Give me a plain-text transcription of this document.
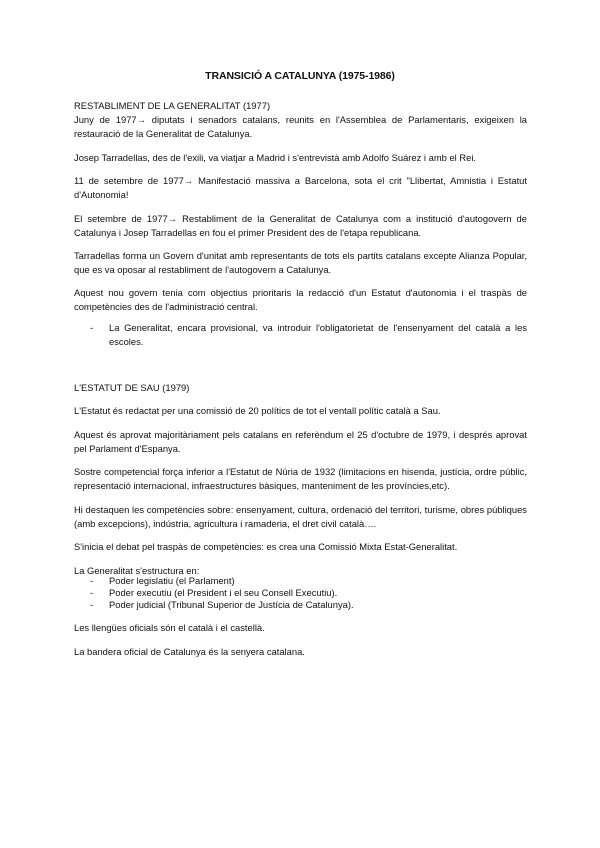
TRANSICIÓ A CATALUNYA (1975-1986)
RESTABLIMENT DE LA GENERALITAT (1977)
Juny de 1977→ diputats i senadors catalans, reunits en l'Assemblea de Parlamentaris, exigeixen la restauració de la Generalitat de Catalunya.
Josep Tarradellas, des de l'exili, va viatjar a Madrid i s'entrevistà amb Adolfo Suárez i amb el Rei.
11 de setembre de 1977→ Manifestació massiva a Barcelona, sota el crit "Llibertat, Amnistia i Estatut d'Autonomia!
El setembre de 1977→ Restabliment de la Generalitat de Catalunya com a institució d'autogovern de Catalunya i Josep Tarradellas en fou el primer President des de l'etapa republicana.
Tarradellas forma un Govern d'unitat amb representants de tots els partits catalans excepte Alianza Popular, que es va oposar al restabliment de l'autogovern a Catalunya.
Aquest nou govern tenia com objectius prioritaris la redacció d'un Estatut d'autonomia i el traspàs de competències des de l'administració central.
- La Generalitat, encara provisional, va introduir l'obligatorietat de l'ensenyament del català a les escoles.
L'ESTATUT DE SAU (1979)
L'Estatut és redactat per una comissió de 20 polítics de tot el ventall polític català a Sau.
Aquest és aprovat majoritàriament pels catalans en referèndum el 25 d'octubre de 1979, i després aprovat pel Parlament d'Espanya.
Sostre competencial força inferior a l'Estatut de Núria de 1932 (limitacions en hisenda, justícia, ordre públic, representació internacional, infraestructures bàsiques, manteniment de les províncies,etc).
Hi destaquen les competències sobre: ensenyament, cultura, ordenació del territori, turisme, obres públiques (amb excepcions), indústria, agricultura i ramaderia, el dret civil català….
S'inicia el debat pel traspàs de competències: es crea una Comissió Mixta Estat-Generalitat.
La Generalitat s'estructura en:
- Poder legislatiu (el Parlament)
- Poder executiu (el President i el seu Consell Executiu).
- Poder judicial (Tribunal Superior de Justícia de Catalunya).
Les llengües oficials són el català i el castellà.
La bandera oficial de Catalunya és la senyera catalana.
